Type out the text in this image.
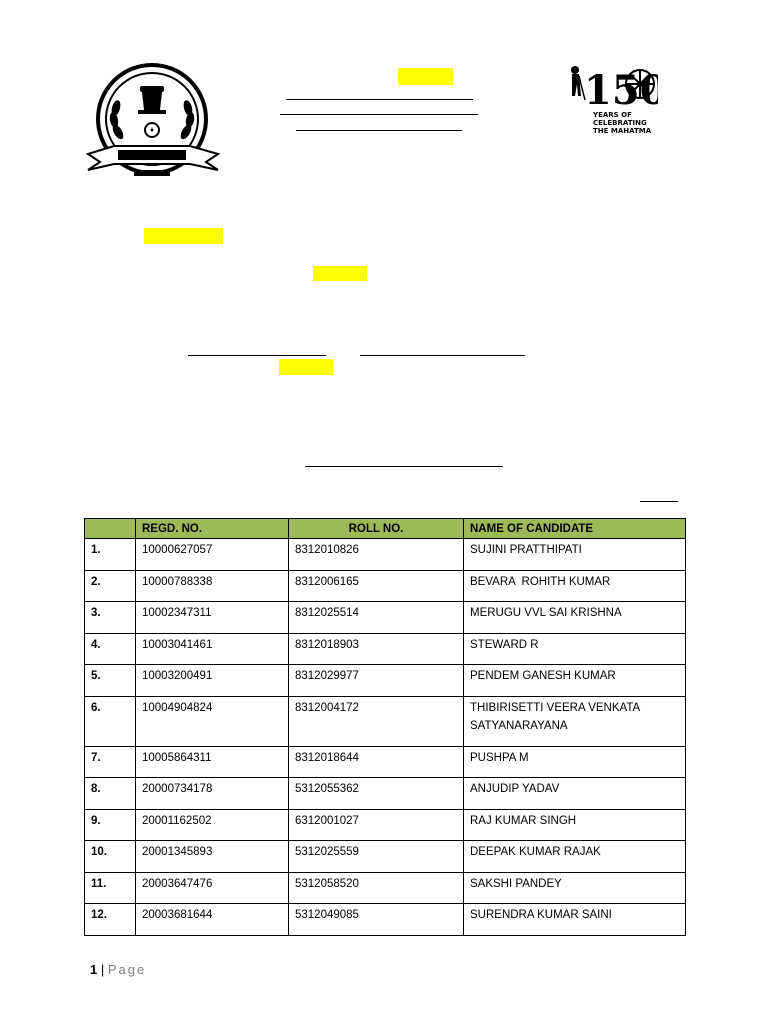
150
YEARS OF
CELEBRATING
THE MAHATMA
	REGD. NO.	ROLL NO.	NAME OF CANDIDATE
1.	10000627057	8312010826	SUJINI PRATTHIPATI
2.	10000788338	8312006165	BEVARA  ROHITH KUMAR
3.	10002347311	8312025514	MERUGU VVL SAI KRISHNA
4.	10003041461	8312018903	STEWARD R
5.	10003200491	8312029977	PENDEM GANESH KUMAR
6.	10004904824	8312004172	THIBIRISETTI VEERA VENKATA SATYANARAYANA
7.	10005864311	8312018644	PUSHPA M
8.	20000734178	5312055362	ANJUDIP YADAV
9.	20001162502	6312001027	RAJ KUMAR SINGH
10.	20001345893	5312025559	DEEPAK KUMAR RAJAK
11.	20003647476	5312058520	SAKSHI PANDEY
12.	20003681644	5312049085	SURENDRA KUMAR SAINI
1 | Page
